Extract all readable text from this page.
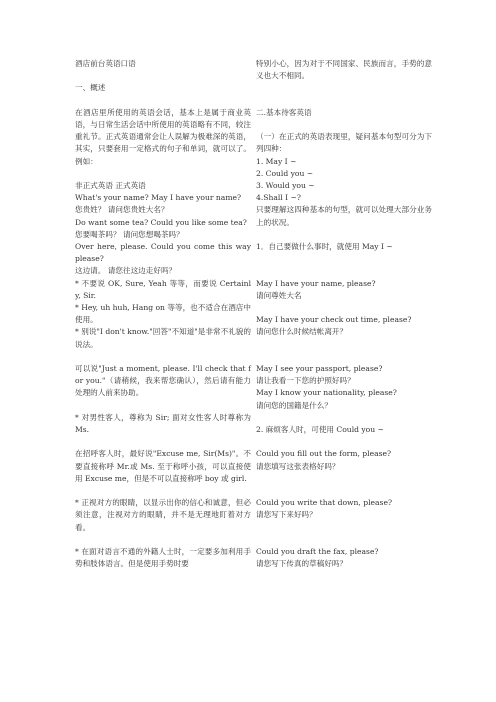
酒店前台英语口语

一、概述

在酒店里所使用的英语会话，基本上是属于商业英语，与日常生活会话中所使用的英语略有不同，较注重礼节。正式英语通常会让人误解为极难深的英语，其实，只要套用一定格式的句子和单词，就可以了。例如：

非正式英语 正式英语

What's your name? May I have your name?

您贵姓？ 请问您贵姓大名？

Do want some tea? Could you like some tea?

您要喝茶吗？ 请问您想喝茶吗？

Over here, please. Could you come this way please?

这边请。 请您往这边走好吗？

* 不要说 OK, Sure, Yeah 等等，而要说 Certainly, Sir.

* Hey, uh huh, Hang on 等等，也不适合在酒店中使用。

* 别说"I don't know."回答"不知道"是非常不礼貌的说法。

可以说"Just a moment, please. I'll check that for you."（请稍候，我来帮您确认），然后请有能力处理的人前来协助。

* 对男性客人，尊称为 Sir; 面对女性客人时尊称为 Ms.

在招呼客人时，最好说"Excuse me, Sir(Ms)"。不要直接称呼 Mr.或 Ms. 至于称呼小孩，可以直接使用 Excuse me，但是不可以直接称呼 boy 或 girl.

* 正视对方的眼睛，以显示出你的信心和诚意，但必须注意，注视对方的眼睛，并不是无理地盯着对方看。

* 在面对语言不通的外籍人士时，一定要多加利用手势和肢体语言。但是使用手势时要

特别小心，因为对于不同国家、民族而言，手势的意义也大不相同。

二.基本待客英语

（一）在正式的英语表现里，疑问基本句型可分为下列四种：

1. May I ~

2. Could you ~

3. Would you ~

4.Shall I ~?

只要理解这四种基本的句型，就可以处理大部分业务上的状况。

1．自己要做什么事时，就使用 May I ~

May I have your name, please?

请问尊姓大名

May I have your check out time, please?

请问您什么时候结帐离开？

May I see your passport, please?

请让我看一下您的护照好吗？

May I know your nationality, please?

请问您的国籍是什么？

2. 麻烦客人时，可使用 Could you ~

Could you fill out the form, please?

请您填写这张表格好吗？

Could you write that down, please?

请您写下来好吗？

Could you draft the fax, please?

请您写下传真的草稿好吗？
